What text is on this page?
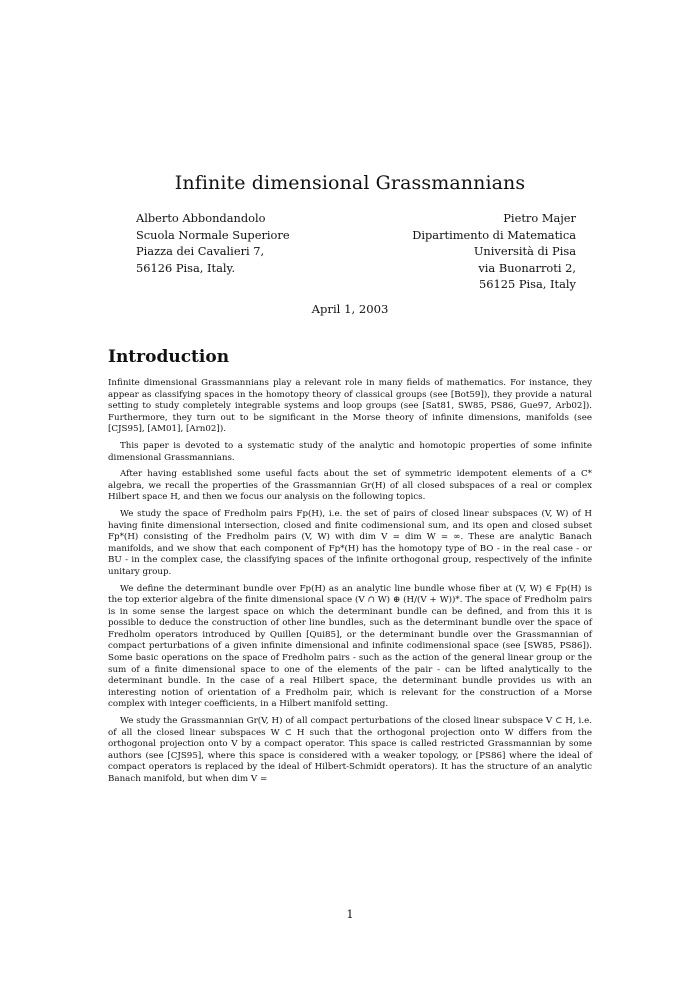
Infinite dimensional Grassmannians
Alberto Abbondandolo
Scuola Normale Superiore
Piazza dei Cavalieri 7,
56126 Pisa, Italy.
Pietro Majer
Dipartimento di Matematica
Università di Pisa
via Buonarroti 2,
56125 Pisa, Italy
April 1, 2003
Introduction

Infinite dimensional Grassmannians play a relevant role in many fields of mathematics. For instance, they appear as classifying spaces in the homotopy theory of classical groups (see [Bot59]), they provide a natural setting to study completely integrable systems and loop groups (see [Sat81, SW85, PS86, Gue97, Arb02]). Furthermore, they turn out to be significant in the Morse theory of infinite dimensions, manifolds (see [CJS95], [AM01], [Arn02]).

This paper is devoted to a systematic study of the analytic and homotopic properties of some infinite dimensional Grassmannians.

After having established some useful facts about the set of symmetric idempotent elements of a C* algebra, we recall the properties of the Grassmannian Gr(H) of all closed subspaces of a real or complex Hilbert space H, and then we focus our analysis on the following topics.

We study the space of Fredholm pairs Fp(H), i.e. the set of pairs of closed linear subspaces (V, W) of H having finite dimensional intersection, closed and finite codimensional sum, and its open and closed subset Fp*(H) consisting of the Fredholm pairs (V, W) with dim V = dim W = ∞. These are analytic Banach manifolds, and we show that each component of Fp*(H) has the homotopy type of BO - in the real case - or BU - in the complex case, the classifying spaces of the infinite orthogonal group, respectively of the infinite unitary group.

We define the determinant bundle over Fp(H) as an analytic line bundle whose fiber at (V, W) ∈ Fp(H) is the top exterior algebra of the finite dimensional space (V ∩ W) ⊕ (H/(V + W))*. The space of Fredholm pairs is in some sense the largest space on which the determinant bundle can be defined, and from this it is possible to deduce the construction of other line bundles, such as the determinant bundle over the space of Fredholm operators introduced by Quillen [Qui85], or the determinant bundle over the Grassmannian of compact perturbations of a given infinite dimensional and infinite codimensional space (see [SW85, PS86]). Some basic operations on the space of Fredholm pairs - such as the action of the general linear group or the sum of a finite dimensional space to one of the elements of the pair - can be lifted analytically to the determinant bundle. In the case of a real Hilbert space, the determinant bundle provides us with an interesting notion of orientation of a Fredholm pair, which is relevant for the construction of a Morse complex with integer coefficients, in a Hilbert manifold setting.

We study the Grassmannian Gr(V, H) of all compact perturbations of the closed linear subspace V ⊂ H, i.e. of all the closed linear subspaces W ⊂ H such that the orthogonal projection onto W differs from the orthogonal projection onto V by a compact operator. This space is called restricted Grassmannian by some authors (see [CJS95], where this space is considered with a weaker topology, or [PS86] where the ideal of compact operators is replaced by the ideal of Hilbert-Schmidt operators). It has the structure of an analytic Banach manifold, but when dim V =

1
